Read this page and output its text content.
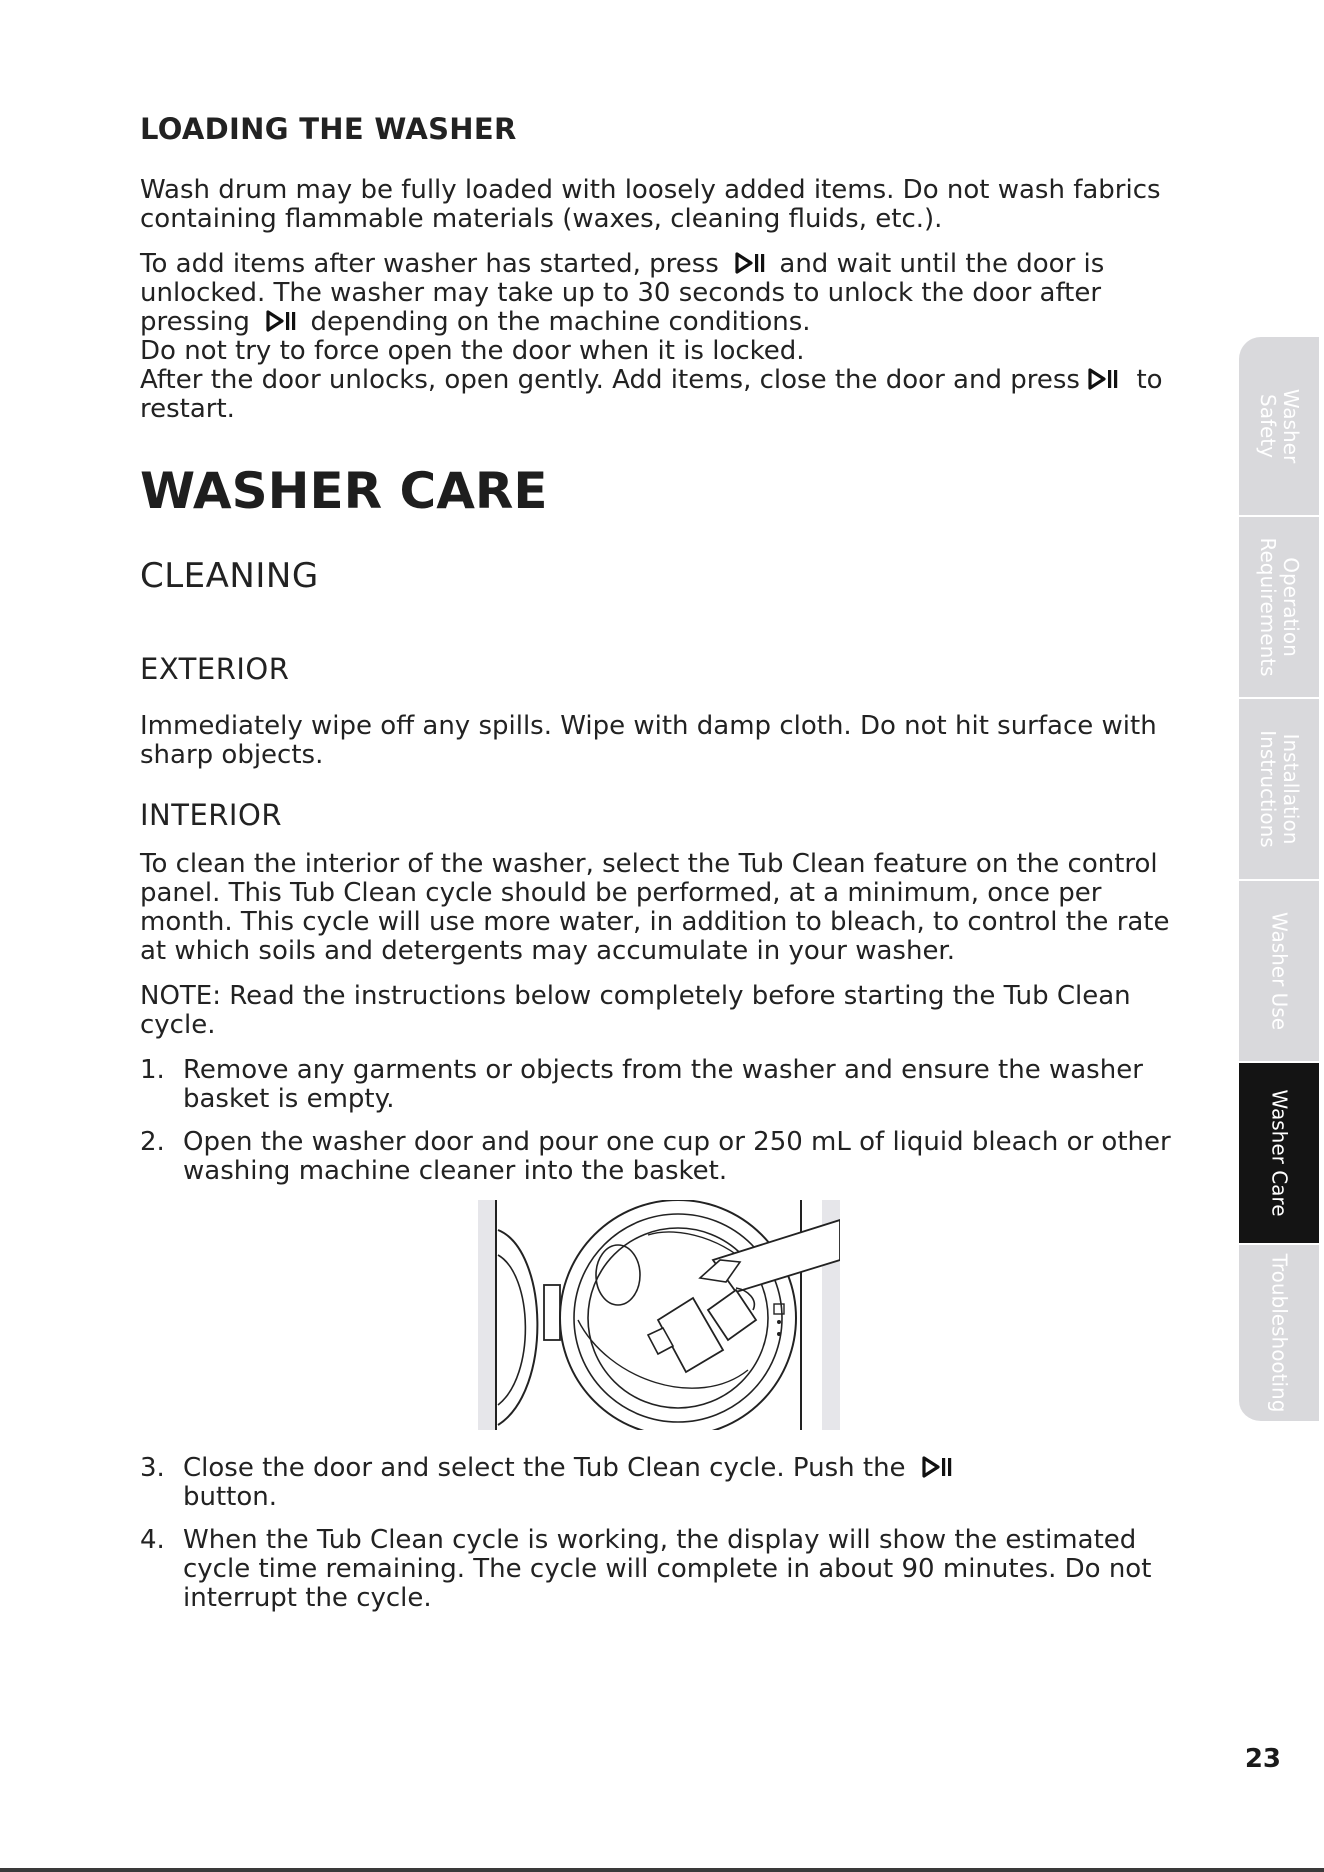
LOADING THE WASHER

Wash drum may be fully loaded with loosely added items. Do not wash fabrics containing flammable materials (waxes, cleaning fluids, etc.).

To add items after washer has started, press and wait until the door is unlocked. The washer may take up to 30 seconds to unlock the door after pressing depending on the machine conditions.
Do not try to force open the door when it is locked.
After the door unlocks, open gently. Add items, close the door and press to restart.

WASHER CARE
CLEANING
EXTERIOR

Immediately wipe off any spills. Wipe with damp cloth. Do not hit surface with sharp objects.

INTERIOR

To clean the interior of the washer, select the Tub Clean feature on the control panel. This Tub Clean cycle should be performed, at a minimum, once per month. This cycle will use more water, in addition to bleach, to control the rate at which soils and detergents may accumulate in your washer.

NOTE: Read the instructions below completely before starting the Tub Clean cycle.

1. Remove any garments or objects from the washer and ensure the washer basket is empty.
2. Open the washer door and pour one cup or 250 mL of liquid bleach or other washing machine cleaner into the basket.
3. Close the door and select the Tub Clean cycle. Push the

button.
4. When the Tub Clean cycle is working, the display will show the estimated cycle time remaining. The cycle will complete in about 90 minutes. Do not interrupt the cycle.
Washer
Safety
Operation
Requirements
Installation
Instructions
Washer Use
Washer Care
Troubleshooting
23
